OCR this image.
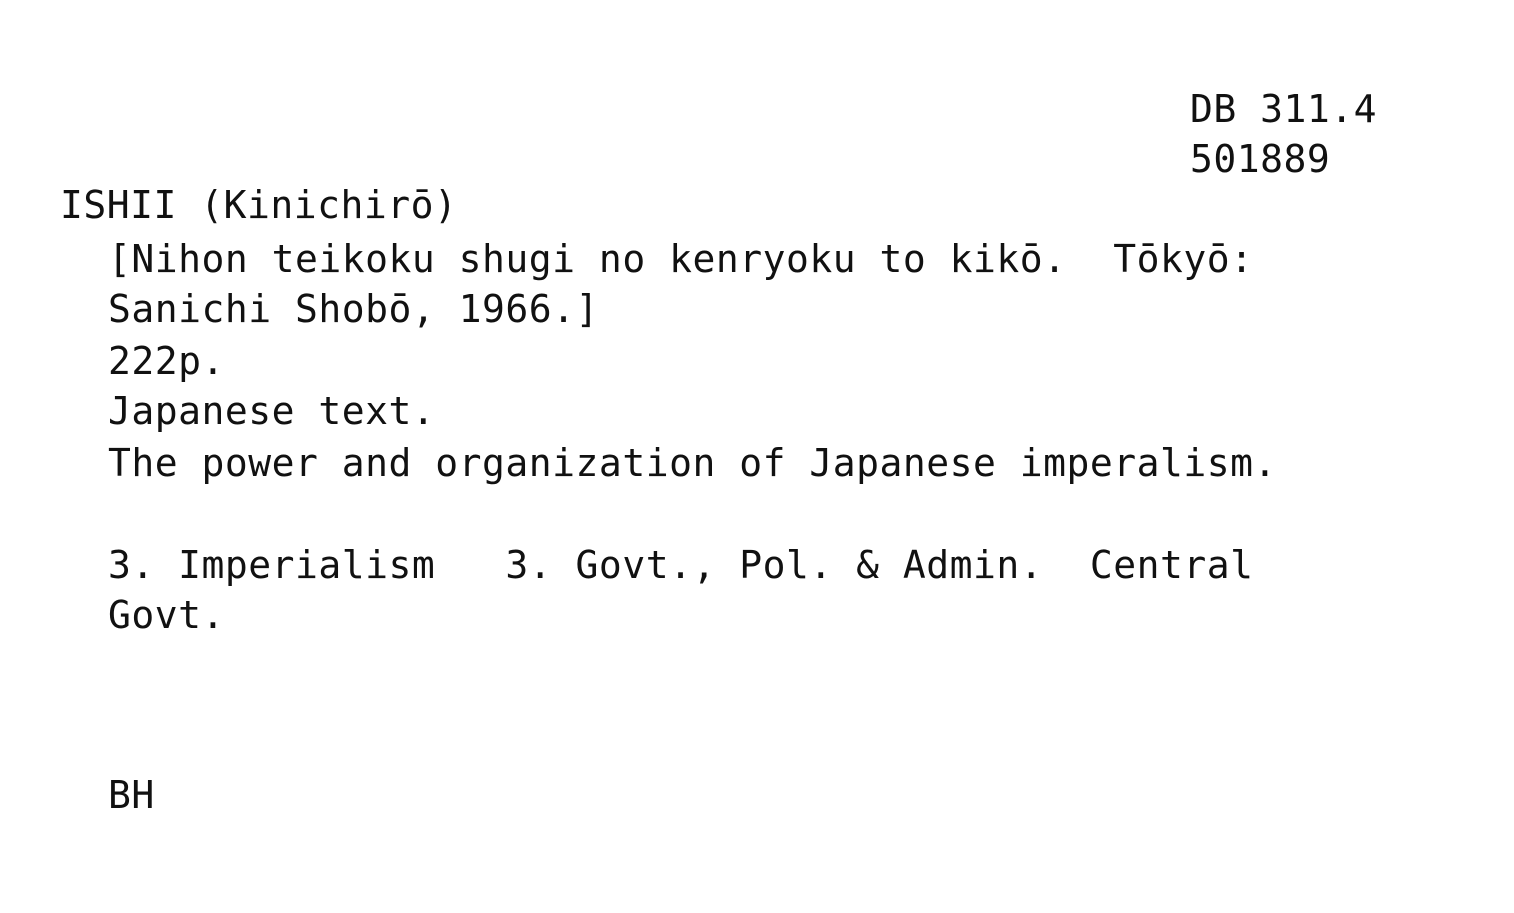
DB 311.4
501889
ISHII (Kinichirō)
[Nihon teikoku shugi no kenryoku to kikō.  Tōkyō:
Sanichi Shobō, 1966.]
222p.
Japanese text.
The power and organization of Japanese imperalism.
3. Imperialism   3. Govt., Pol. & Admin.  Central
Govt.
BH
